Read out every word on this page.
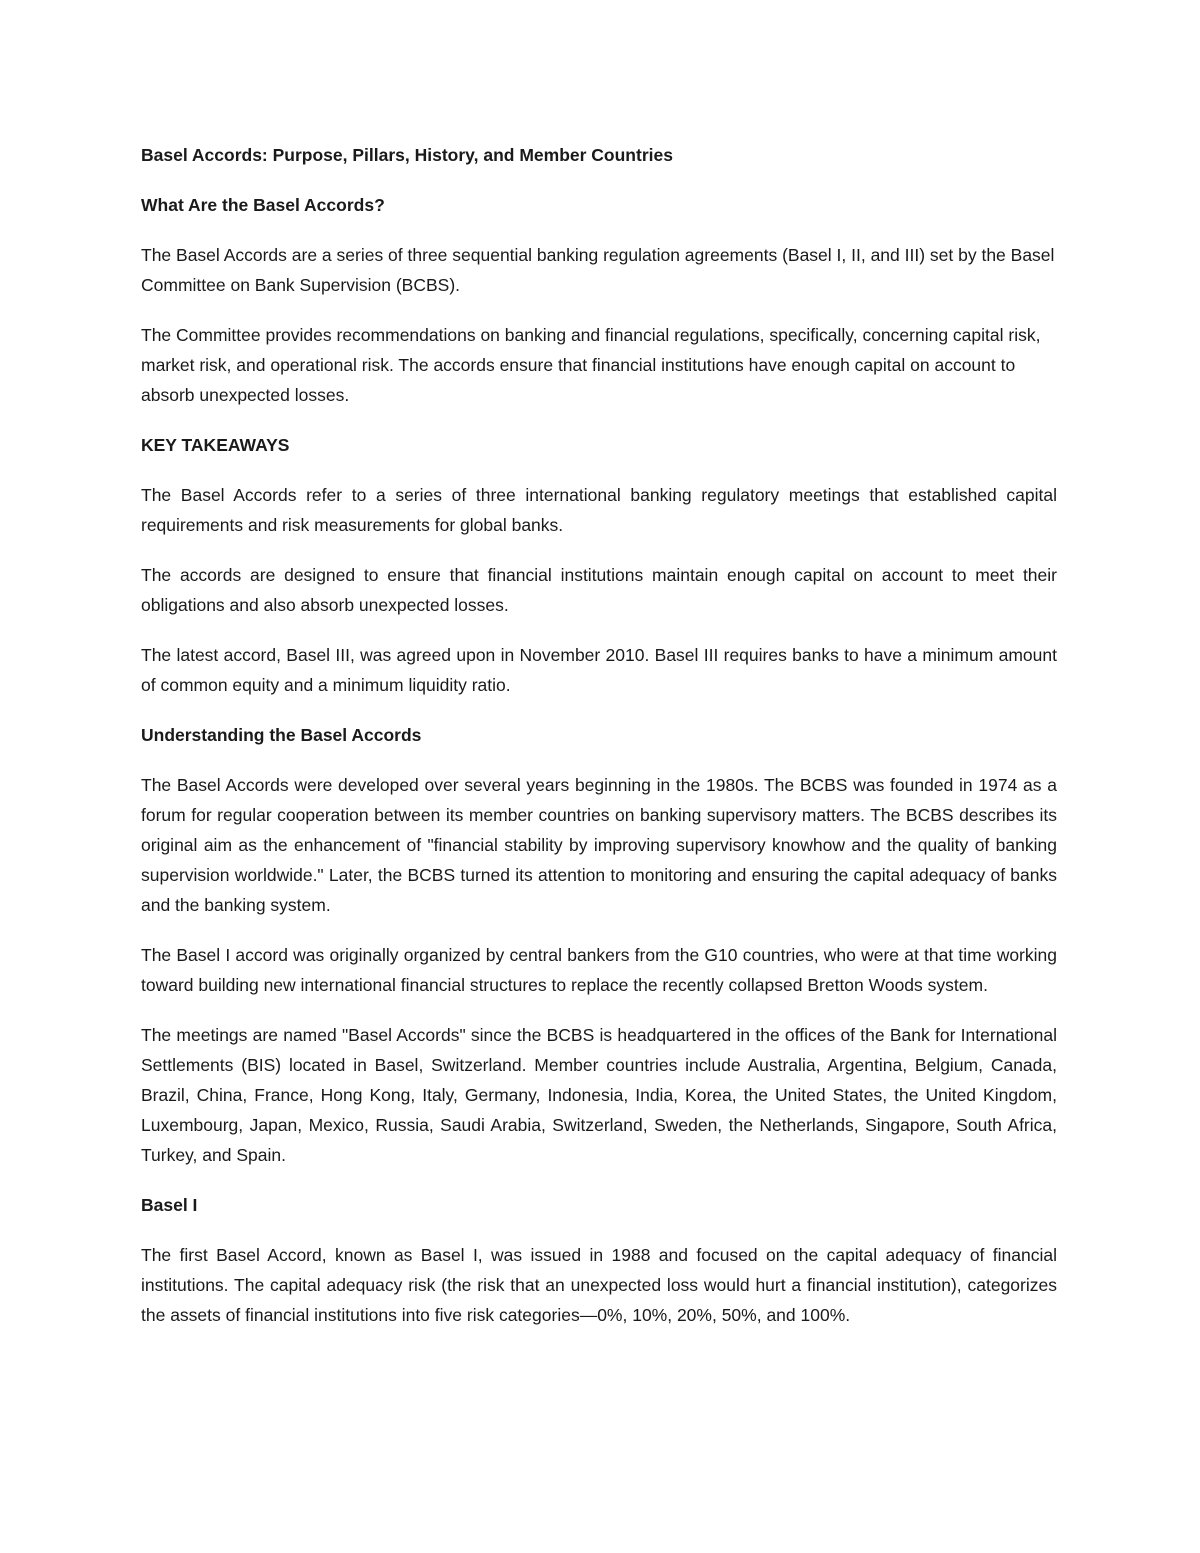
Basel Accords: Purpose, Pillars, History, and Member Countries

What Are the Basel Accords?

The Basel Accords are a series of three sequential banking regulation agreements (Basel I, II, and III) set by the Basel Committee on Bank Supervision (BCBS).

The Committee provides recommendations on banking and financial regulations, specifically, concerning capital risk, market risk, and operational risk. The accords ensure that financial institutions have enough capital on account to absorb unexpected losses.

KEY TAKEAWAYS

The Basel Accords refer to a series of three international banking regulatory meetings that established capital requirements and risk measurements for global banks.

The accords are designed to ensure that financial institutions maintain enough capital on account to meet their obligations and also absorb unexpected losses.

The latest accord, Basel III, was agreed upon in November 2010. Basel III requires banks to have a minimum amount of common equity and a minimum liquidity ratio.

Understanding the Basel Accords

The Basel Accords were developed over several years beginning in the 1980s. The BCBS was founded in 1974 as a forum for regular cooperation between its member countries on banking supervisory matters. The BCBS describes its original aim as the enhancement of "financial stability by improving supervisory knowhow and the quality of banking supervision worldwide." Later, the BCBS turned its attention to monitoring and ensuring the capital adequacy of banks and the banking system.

The Basel I accord was originally organized by central bankers from the G10 countries, who were at that time working toward building new international financial structures to replace the recently collapsed Bretton Woods system.

The meetings are named "Basel Accords" since the BCBS is headquartered in the offices of the Bank for International Settlements (BIS) located in Basel, Switzerland. Member countries include Australia, Argentina, Belgium, Canada, Brazil, China, France, Hong Kong, Italy, Germany, Indonesia, India, Korea, the United States, the United Kingdom, Luxembourg, Japan, Mexico, Russia, Saudi Arabia, Switzerland, Sweden, the Netherlands, Singapore, South Africa, Turkey, and Spain.

Basel I

The first Basel Accord, known as Basel I, was issued in 1988 and focused on the capital adequacy of financial institutions. The capital adequacy risk (the risk that an unexpected loss would hurt a financial institution), categorizes the assets of financial institutions into five risk categories—0%, 10%, 20%, 50%, and 100%.
